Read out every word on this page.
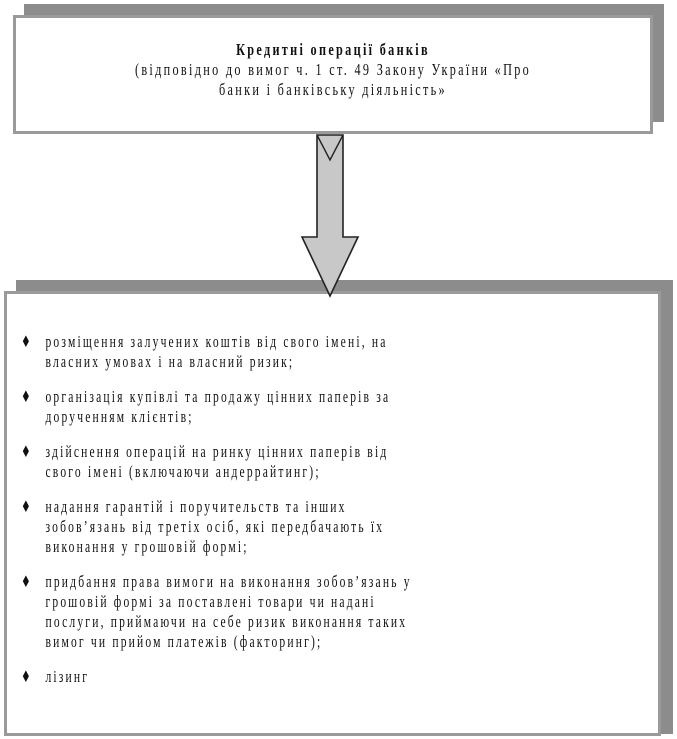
Кредитні операції банків
(відповідно до вимог ч. 1 ст. 49 Закону України «Про
банки і банківську діяльність»
♦ розміщення залучених коштів від свого імені, на
власних умовах і на власний ризик;
♦ організація купівлі та продажу цінних паперів за
дорученням клієнтів;
♦ здійснення операцій на ринку цінних паперів від
свого імені (включаючи андеррайтинг);
♦ надання гарантій і поручительств та інших
зобов’язань від третіх осіб, які передбачають їх
виконання у грошовій формі;
♦ придбання права вимоги на виконання зобов’язань у
грошовій формі за поставлені товари чи надані
послуги, приймаючи на себе ризик виконання таких
вимог чи прийом платежів (факторинг);
♦ лізинг
